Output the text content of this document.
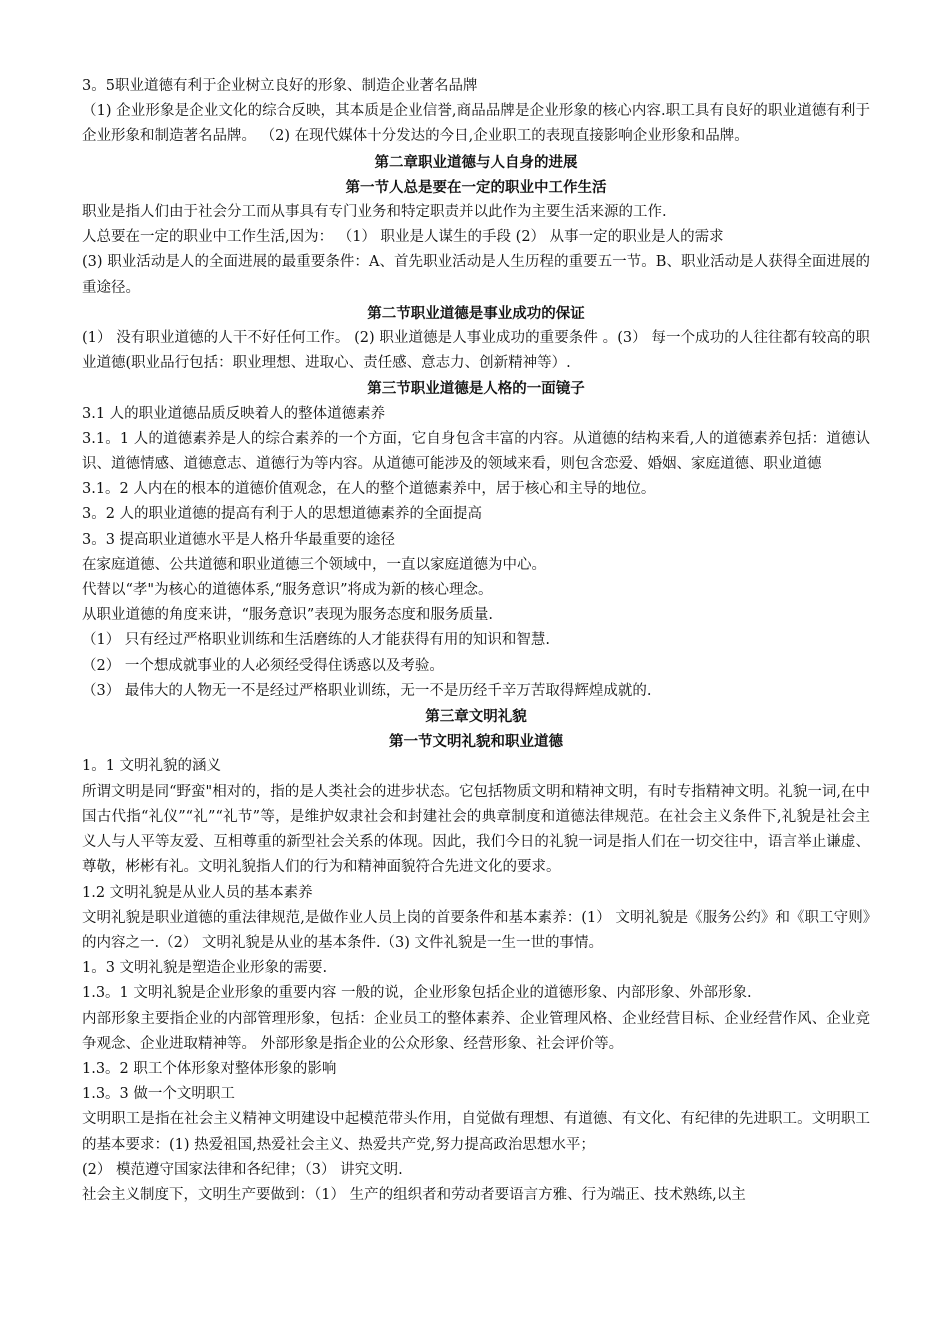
3。5职业道德有利于企业树立良好的形象、制造企业著名品牌

（1) 企业形象是企业文化的综合反映，其本质是企业信誉,商品品牌是企业形象的核心内容.职工具有良好的职业道德有利于企业形象和制造著名品牌。 （2) 在现代媒体十分发达的今日,企业职工的表现直接影响企业形象和品牌。

第二章职业道德与人自身的进展

第一节人总是要在一定的职业中工作生活

职业是指人们由于社会分工而从事具有专门业务和特定职责并以此作为主要生活来源的工作.

人总要在一定的职业中工作生活,因为： （1） 职业是人谋生的手段 (2） 从事一定的职业是人的需求

(3) 职业活动是人的全面进展的最重要条件：A、首先职业活动是人生历程的重要五一节。B、职业活动是人获得全面进展的重途径。

第二节职业道德是事业成功的保证

(1） 没有职业道德的人干不好任何工作。 (2) 职业道德是人事业成功的重要条件 。(3） 每一个成功的人往往都有较高的职业道德(职业品行包括：职业理想、进取心、责任感、意志力、创新精神等）.

第三节职业道德是人格的一面镜子

3.1 人的职业道德品质反映着人的整体道德素养

3.1。1 人的道德素养是人的综合素养的一个方面，它自身包含丰富的内容。从道德的结构来看,人的道德素养包括：道德认识、道德情感、道德意志、道德行为等内容。从道德可能涉及的领域来看，则包含恋爱、婚姻、家庭道德、职业道德

3.1。2 人内在的根本的道德价值观念，在人的整个道德素养中，居于核心和主导的地位。

3。2 人的职业道德的提高有利于人的思想道德素养的全面提高

3。3 提高职业道德水平是人格升华最重要的途径

在家庭道德、公共道德和职业道德三个领域中，一直以家庭道德为中心。

代替以“孝"为核心的道德体系,“服务意识”将成为新的核心理念。

从职业道德的角度来讲，“服务意识”表现为服务态度和服务质量.

（1） 只有经过严格职业训练和生活磨练的人才能获得有用的知识和智慧.

（2） 一个想成就事业的人必须经受得住诱惑以及考验。

（3） 最伟大的人物无一不是经过严格职业训练，无一不是历经千辛万苦取得辉煌成就的.

第三章文明礼貌

第一节文明礼貌和职业道德

1。1 文明礼貌的涵义

所谓文明是同“野蛮"相对的，指的是人类社会的进步状态。它包括物质文明和精神文明，有时专指精神文明。礼貌一词,在中国古代指“礼仪”“礼”“礼节”等，是维护奴隶社会和封建社会的典章制度和道德法律规范。在社会主义条件下,礼貌是社会主义人与人平等友爱、互相尊重的新型社会关系的体现。因此，我们今日的礼貌一词是指人们在一切交往中，语言举止谦虚、尊敬，彬彬有礼。文明礼貌指人们的行为和精神面貌符合先进文化的要求。

1.2 文明礼貌是从业人员的基本素养

文明礼貌是职业道德的重法律规范,是做作业人员上岗的首要条件和基本素养：(1） 文明礼貌是《服务公约》和《职工守则》的内容之一.（2） 文明礼貌是从业的基本条件.（3) 文件礼貌是一生一世的事情。

1。3 文明礼貌是塑造企业形象的需要.

1.3。1 文明礼貌是企业形象的重要内容 一般的说，企业形象包括企业的道德形象、内部形象、外部形象.

内部形象主要指企业的内部管理形象，包括：企业员工的整体素养、企业管理风格、企业经营目标、企业经营作风、企业竞争观念、企业进取精神等。 外部形象是指企业的公众形象、经营形象、社会评价等。

1.3。2 职工个体形象对整体形象的影响

1.3。3 做一个文明职工

文明职工是指在社会主义精神文明建设中起模范带头作用，自觉做有理想、有道德、有文化、有纪律的先进职工。文明职工的基本要求：(1) 热爱祖国,热爱社会主义、热爱共产党,努力提高政治思想水平；

(2） 模范遵守国家法律和各纪律；（3） 讲究文明.

社会主义制度下，文明生产要做到：（1） 生产的组织者和劳动者要语言方雅、行为端正、技术熟练,以主
